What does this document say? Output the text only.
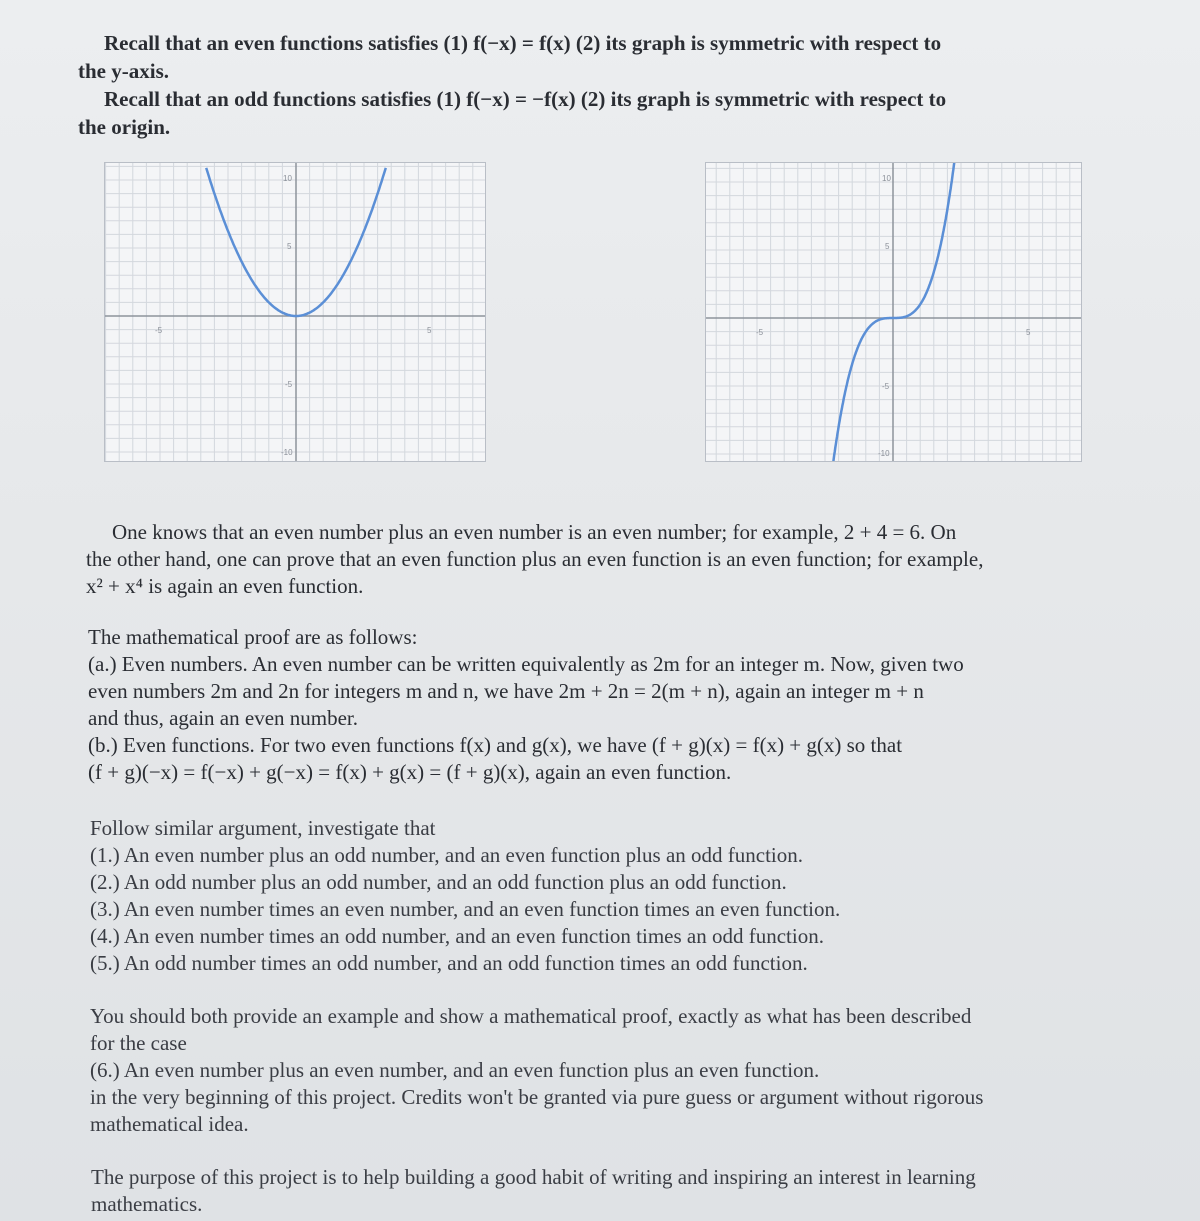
Recall that an even functions satisfies (1) f(−x) = f(x) (2) its graph is symmetric with respect to
the y-axis.
Recall that an odd functions satisfies (1) f(−x) = −f(x) (2) its graph is symmetric with respect to
the origin.
10
5
-5	5
-5
-10
10
5
-5	5
-5
-10
One knows that an even number plus an even number is an even number; for example, 2 + 4 = 6. On
the other hand, one can prove that an even function plus an even function is an even function; for example,
x² + x⁴ is again an even function.
The mathematical proof are as follows:
(a.) Even numbers. An even number can be written equivalently as 2m for an integer m. Now, given two
even numbers 2m and 2n for integers m and n, we have 2m + 2n = 2(m + n), again an integer m + n
and thus, again an even number.
(b.) Even functions. For two even functions f(x) and g(x), we have (f + g)(x) = f(x) + g(x) so that
(f + g)(−x) = f(−x) + g(−x) = f(x) + g(x) = (f + g)(x), again an even function.
Follow similar argument, investigate that
(1.) An even number plus an odd number, and an even function plus an odd function.
(2.) An odd number plus an odd number, and an odd function plus an odd function.
(3.) An even number times an even number, and an even function times an even function.
(4.) An even number times an odd number, and an even function times an odd function.
(5.) An odd number times an odd number, and an odd function times an odd function.
You should both provide an example and show a mathematical proof, exactly as what has been described
for the case
(6.) An even number plus an even number, and an even function plus an even function.
in the very beginning of this project. Credits won't be granted via pure guess or argument without rigorous
mathematical idea.
The purpose of this project is to help building a good habit of writing and inspiring an interest in learning
mathematics.
